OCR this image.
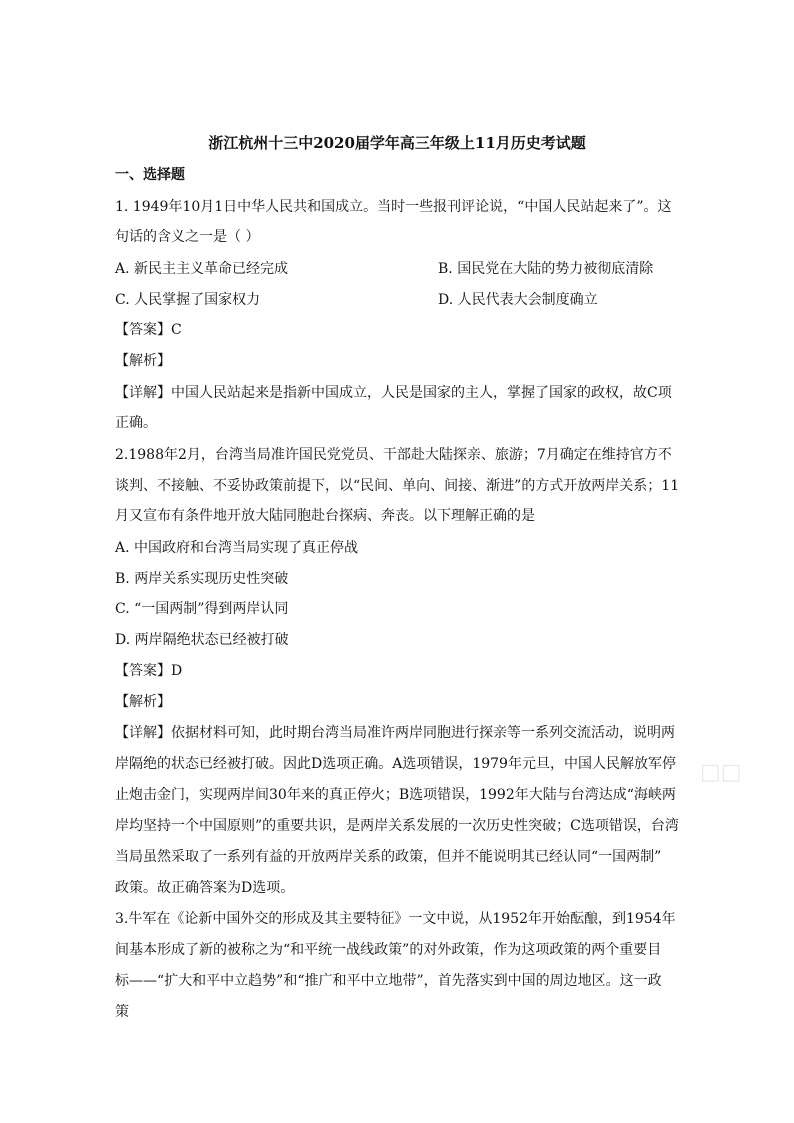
浙江杭州十三中2020届学年高三年级上11月历史考试题
一、选择题
1. 1949年10月1日中华人民共和国成立。当时一些报刊评论说，“中国人民站起来了”。这
句话的含义之一是（ ）
A. 新民主主义革命已经完成	B. 国民党在大陆的势力被彻底清除
C. 人民掌握了国家权力	D. 人民代表大会制度确立
【答案】C
【解析】
【详解】中国人民站起来是指新中国成立，人民是国家的主人，掌握了国家的政权，故C项
正确。
2.1988年2月，台湾当局准许国民党党员、干部赴大陆探亲、旅游；7月确定在维持官方不
谈判、不接触、不妥协政策前提下，以“民间、单向、间接、渐进”的方式开放两岸关系；11
月又宣布有条件地开放大陆同胞赴台探病、奔丧。以下理解正确的是
A. 中国政府和台湾当局实现了真正停战
B. 两岸关系实现历史性突破
C. “一国两制”得到两岸认同
D. 两岸隔绝状态已经被打破
【答案】D
【解析】
【详解】依据材料可知，此时期台湾当局准许两岸同胞进行探亲等一系列交流活动，说明两
岸隔绝的状态已经被打破。因此D选项正确。A选项错误，1979年元旦，中国人民解放军停
止炮击金门，实现两岸间30年来的真正停火；B选项错误，1992年大陆与台湾达成“海峡两
岸均坚持一个中国原则”的重要共识，是两岸关系发展的一次历史性突破；C选项错误，台湾
当局虽然采取了一系列有益的开放两岸关系的政策，但并不能说明其已经认同“一国两制”
政策。故正确答案为D选项。
3.牛军在《论新中国外交的形成及其主要特征》一文中说，从1952年开始酝酿，到1954年
间基本形成了新的被称之为“和平统一战线政策”的对外政策，作为这项政策的两个重要目
标——“扩大和平中立趋势”和“推广和平中立地带”，首先落实到中国的周边地区。这一政
策
□□
